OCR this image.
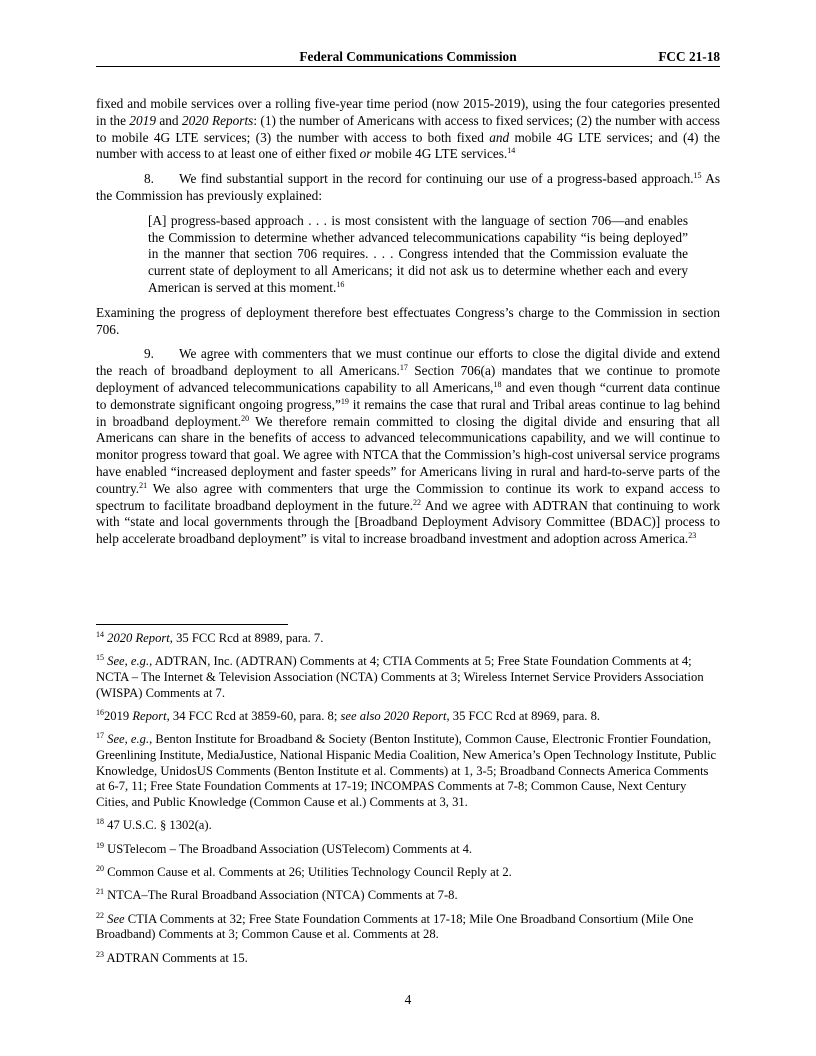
Federal Communications Commission	FCC 21-18

fixed and mobile services over a rolling five-year time period (now 2015-2019), using the four categories presented in the 2019 and 2020 Reports: (1) the number of Americans with access to fixed services; (2) the number with access to mobile 4G LTE services; (3) the number with access to both fixed and mobile 4G LTE services; and (4) the number with access to at least one of either fixed or mobile 4G LTE services.$^{14}$

8. We find substantial support in the record for continuing our use of a progress-based approach.$^{15}$ As the Commission has previously explained:

[A] progress-based approach . . . is most consistent with the language of section 706—and enables the Commission to determine whether advanced telecommunications capability “is being deployed” in the manner that section 706 requires. . . . Congress intended that the Commission evaluate the current state of deployment to all Americans; it did not ask us to determine whether each and every American is served at this moment.$^{16}$

Examining the progress of deployment therefore best effectuates Congress’s charge to the Commission in section 706.

9. We agree with commenters that we must continue our efforts to close the digital divide and extend the reach of broadband deployment to all Americans.$^{17}$ Section 706(a) mandates that we continue to promote deployment of advanced telecommunications capability to all Americans,$^{18}$ and even though “current data continue to demonstrate significant ongoing progress,”$^{19}$ it remains the case that rural and Tribal areas continue to lag behind in broadband deployment.$^{20}$ We therefore remain committed to closing the digital divide and ensuring that all Americans can share in the benefits of access to advanced telecommunications capability, and we will continue to monitor progress toward that goal. We agree with NTCA that the Commission’s high-cost universal service programs have enabled “increased deployment and faster speeds” for Americans living in rural and hard-to-serve parts of the country.$^{21}$ We also agree with commenters that urge the Commission to continue its work to expand access to spectrum to facilitate broadband deployment in the future.$^{22}$ And we agree with ADTRAN that continuing to work with “state and local governments through the [Broadband Deployment Advisory Committee (BDAC)] process to help accelerate broadband deployment” is vital to increase broadband investment and adoption across America.$^{23}$

$^{14}$ 2020 Report, 35 FCC Rcd at 8989, para. 7.

$^{15}$ See, e.g., ADTRAN, Inc. (ADTRAN) Comments at 4; CTIA Comments at 5; Free State Foundation Comments at 4; NCTA – The Internet & Television Association (NCTA) Comments at 3; Wireless Internet Service Providers Association (WISPA) Comments at 7.

$^{16}$2019 Report, 34 FCC Rcd at 3859-60, para. 8; see also 2020 Report, 35 FCC Rcd at 8969, para. 8.

$^{17}$ See, e.g., Benton Institute for Broadband & Society (Benton Institute), Common Cause, Electronic Frontier Foundation, Greenlining Institute, MediaJustice, National Hispanic Media Coalition, New America’s Open Technology Institute, Public Knowledge, UnidosUS Comments (Benton Institute et al. Comments) at 1, 3-5; Broadband Connects America Comments at 6-7, 11; Free State Foundation Comments at 17-19; INCOMPAS Comments at 7-8; Common Cause, Next Century Cities, and Public Knowledge (Common Cause et al.) Comments at 3, 31.

$^{18}$ 47 U.S.C. § 1302(a).

$^{19}$ USTelecom – The Broadband Association (USTelecom) Comments at 4.

$^{20}$ Common Cause et al. Comments at 26; Utilities Technology Council Reply at 2.

$^{21}$ NTCA–The Rural Broadband Association (NTCA) Comments at 7-8.

$^{22}$ See CTIA Comments at 32; Free State Foundation Comments at 17-18; Mile One Broadband Consortium (Mile One Broadband) Comments at 3; Common Cause et al. Comments at 28.

$^{23}$ ADTRAN Comments at 15.

4
